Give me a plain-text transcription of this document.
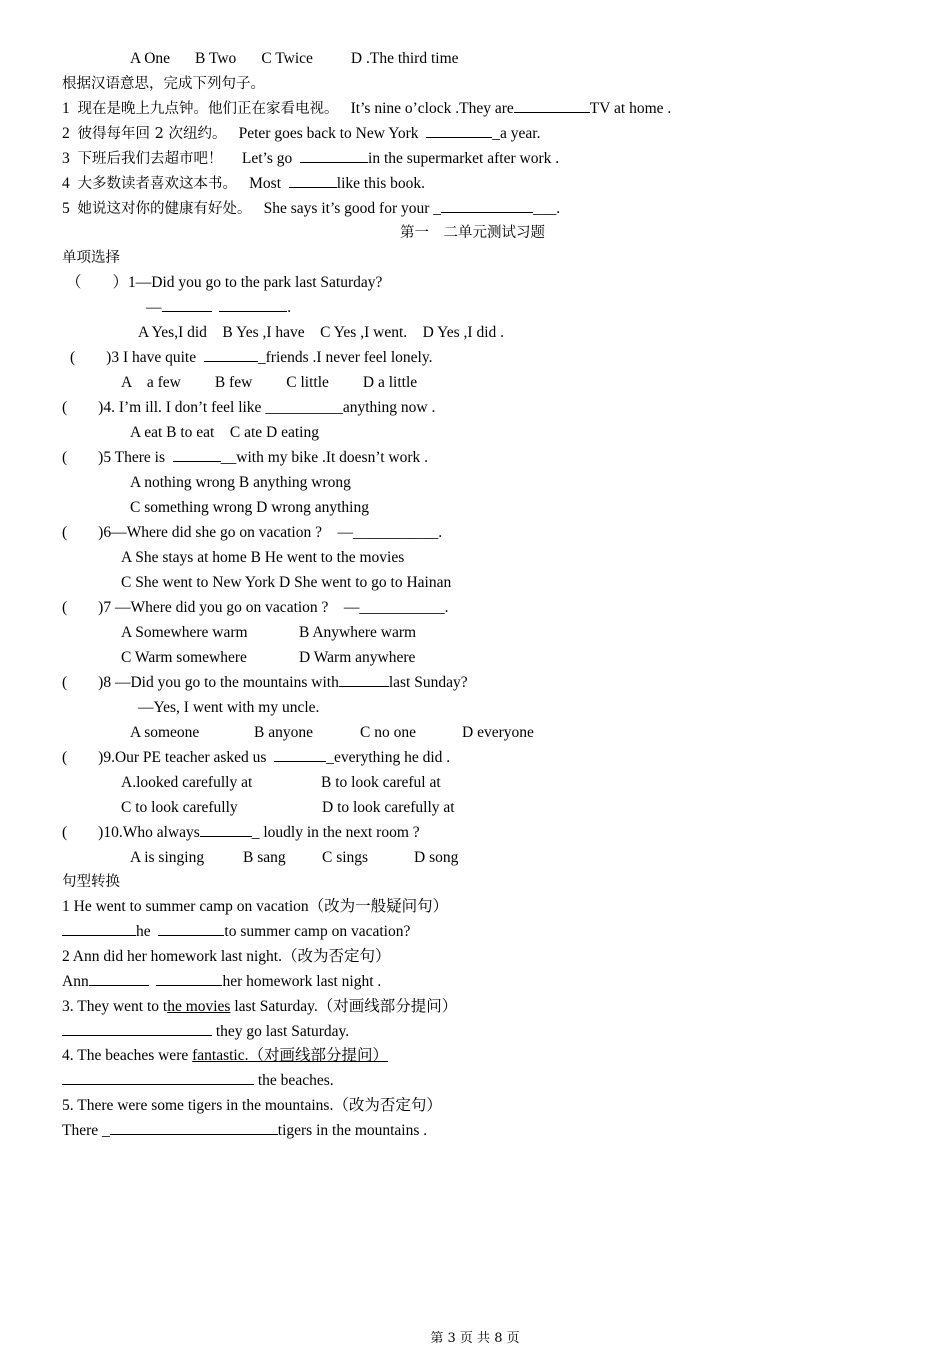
A One B Two C Twice D .The third time
根据汉语意思，完成下列句子。
1 现在是晚上九点钟。他们正在家看电视。　 It’s nine o’clock .They are	TV at home .
2 彼得每年回 2 次纽约。　 Peter goes back to New York	_a year.
3 下班后我们去超市吧！　 Let’s go	in the supermarket after work .
4 大多数读者喜欢这本书。　 Most	like this book.
5 她说这对你的健康有好处。　 She says it’s good for your _	___.
第一　二单元测试习题
单项选择
（　　）1—Did you go to the park last Saturday?
—	.
A Yes,I did　B Yes ,I have　C Yes ,I went.　D Yes ,I did .
(　　)3 I have quite	_friends .I never feel lonely.
A　a few B few C little D a little
(　　)4. I’m ill. I don’t feel like __________anything now .
A eat B to eat　C ate D eating
(　　)5 There is	__with my bike .It doesn’t work .
A nothing wrong B anything wrong
C something wrong D wrong anything
(　　)6—Where did she go on vacation ?　—___________.
A She stays at home B He went to the movies
C She went to New York D She went to go to Hainan
(　　)7 —Where did you go on vacation ?　—___________.
A Somewhere warm	B Anywhere warm
C Warm somewhere	D Warm anywhere
(　　)8 —Did you go to the mountains with	last Sunday?
—Yes, I went with my uncle.
A someone	B anyone	C no one	D everyone
(　　)9.Our PE teacher asked us	_everything he did .
A.looked carefully at	B to look careful at
C to look carefully	D to look carefully at
(　　)10.Who always	_ loudly in the next room ?
A is singing	B sang C sings	D song
句型转换
1 He went to summer camp on vacation（改为一般疑问句）
he	to summer camp on vacation?
2 Ann did her homework last night.（改为否定句）
Ann	her homework last night .
3. They went to the movies last Saturday.（对画线部分提问）
they go last Saturday.
4. The beaches were fantastic.（对画线部分提问）
the beaches.
5. There were some tigers in the mountains.（改为否定句）
There _	tigers in the mountains .
第 3 页 共 8 页
